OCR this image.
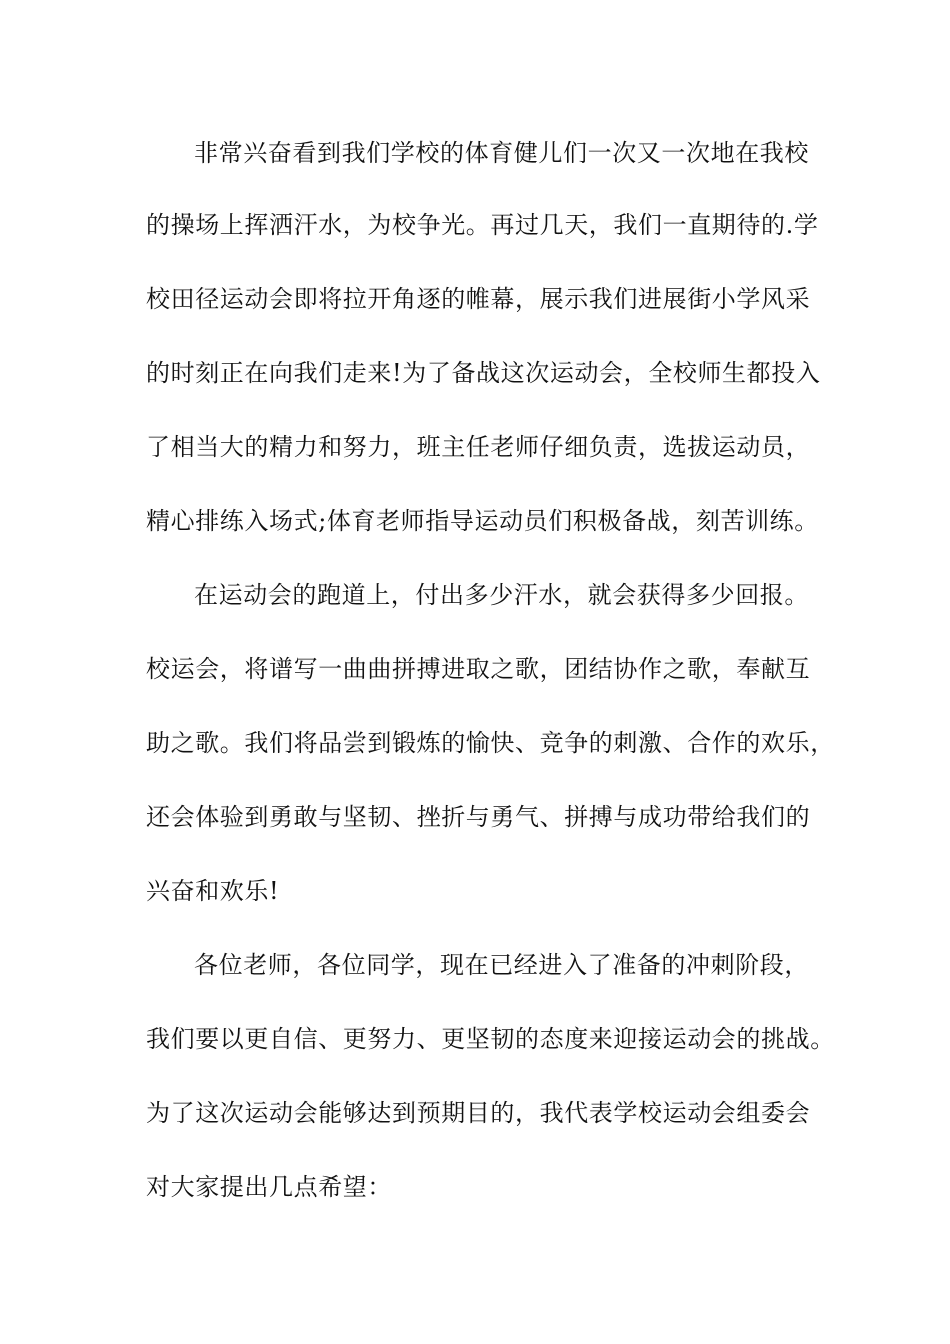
非常兴奋看到我们学校的体育健儿们一次又一次地在我校
的操场上挥洒汗水，为校争光。再过几天，我们一直期待的.学
校田径运动会即将拉开角逐的帷幕，展示我们进展街小学风采
的时刻正在向我们走来!为了备战这次运动会，全校师生都投入
了相当大的精力和努力，班主任老师仔细负责，选拔运动员，
精心排练入场式;体育老师指导运动员们积极备战，刻苦训练。
在运动会的跑道上，付出多少汗水，就会获得多少回报。
校运会，将谱写一曲曲拼搏进取之歌，团结协作之歌，奉献互
助之歌。我们将品尝到锻炼的愉快、竞争的刺激、合作的欢乐，
还会体验到勇敢与坚韧、挫折与勇气、拼搏与成功带给我们的
兴奋和欢乐!
各位老师，各位同学，现在已经进入了准备的冲刺阶段，
我们要以更自信、更努力、更坚韧的态度来迎接运动会的挑战。
为了这次运动会能够达到预期目的，我代表学校运动会组委会
对大家提出几点希望：
